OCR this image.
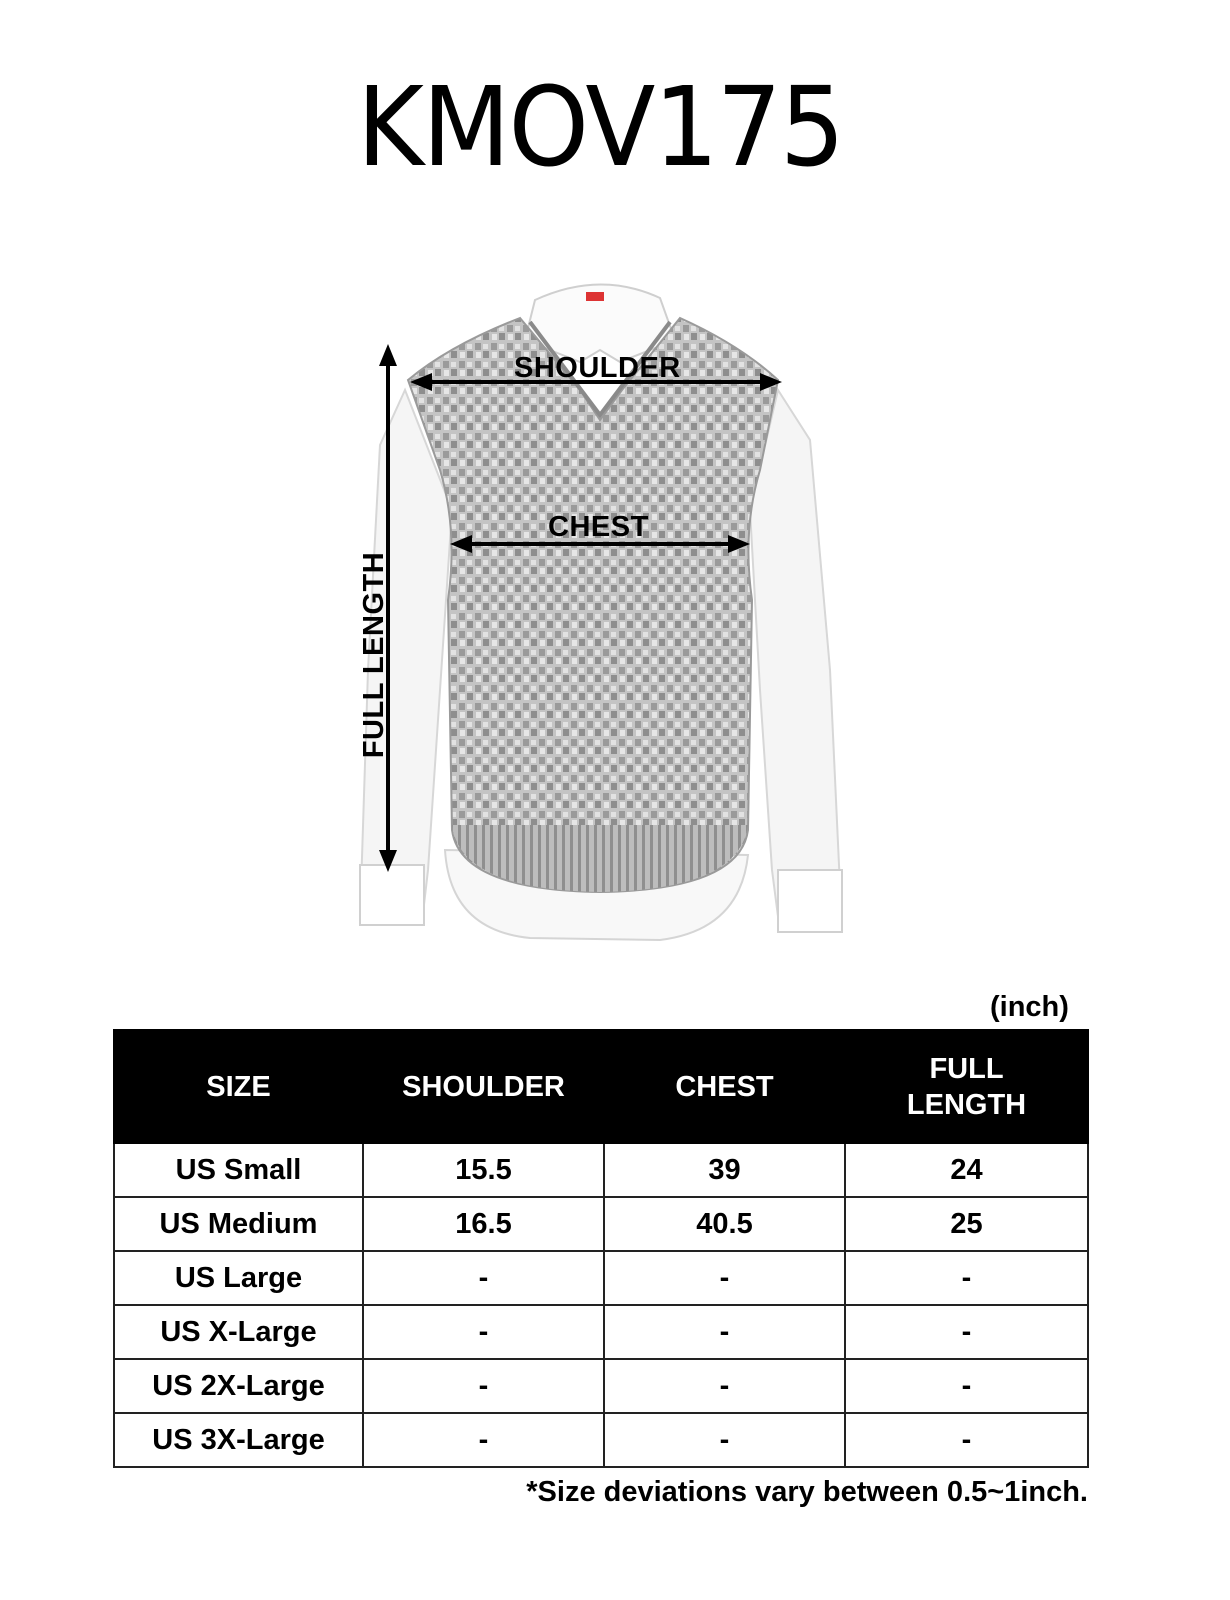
KMOV175
SHOULDER
CHEST
FULL LENGTH
(inch)
SIZE	SHOULDER	CHEST	FULL
LENGTH
US Small	15.5	39	24
US Medium	16.5	40.5	25
US Large	-	-	-
US X-Large	-	-	-
US 2X-Large	-	-	-
US 3X-Large	-	-	-
*Size deviations vary between 0.5~1inch.
